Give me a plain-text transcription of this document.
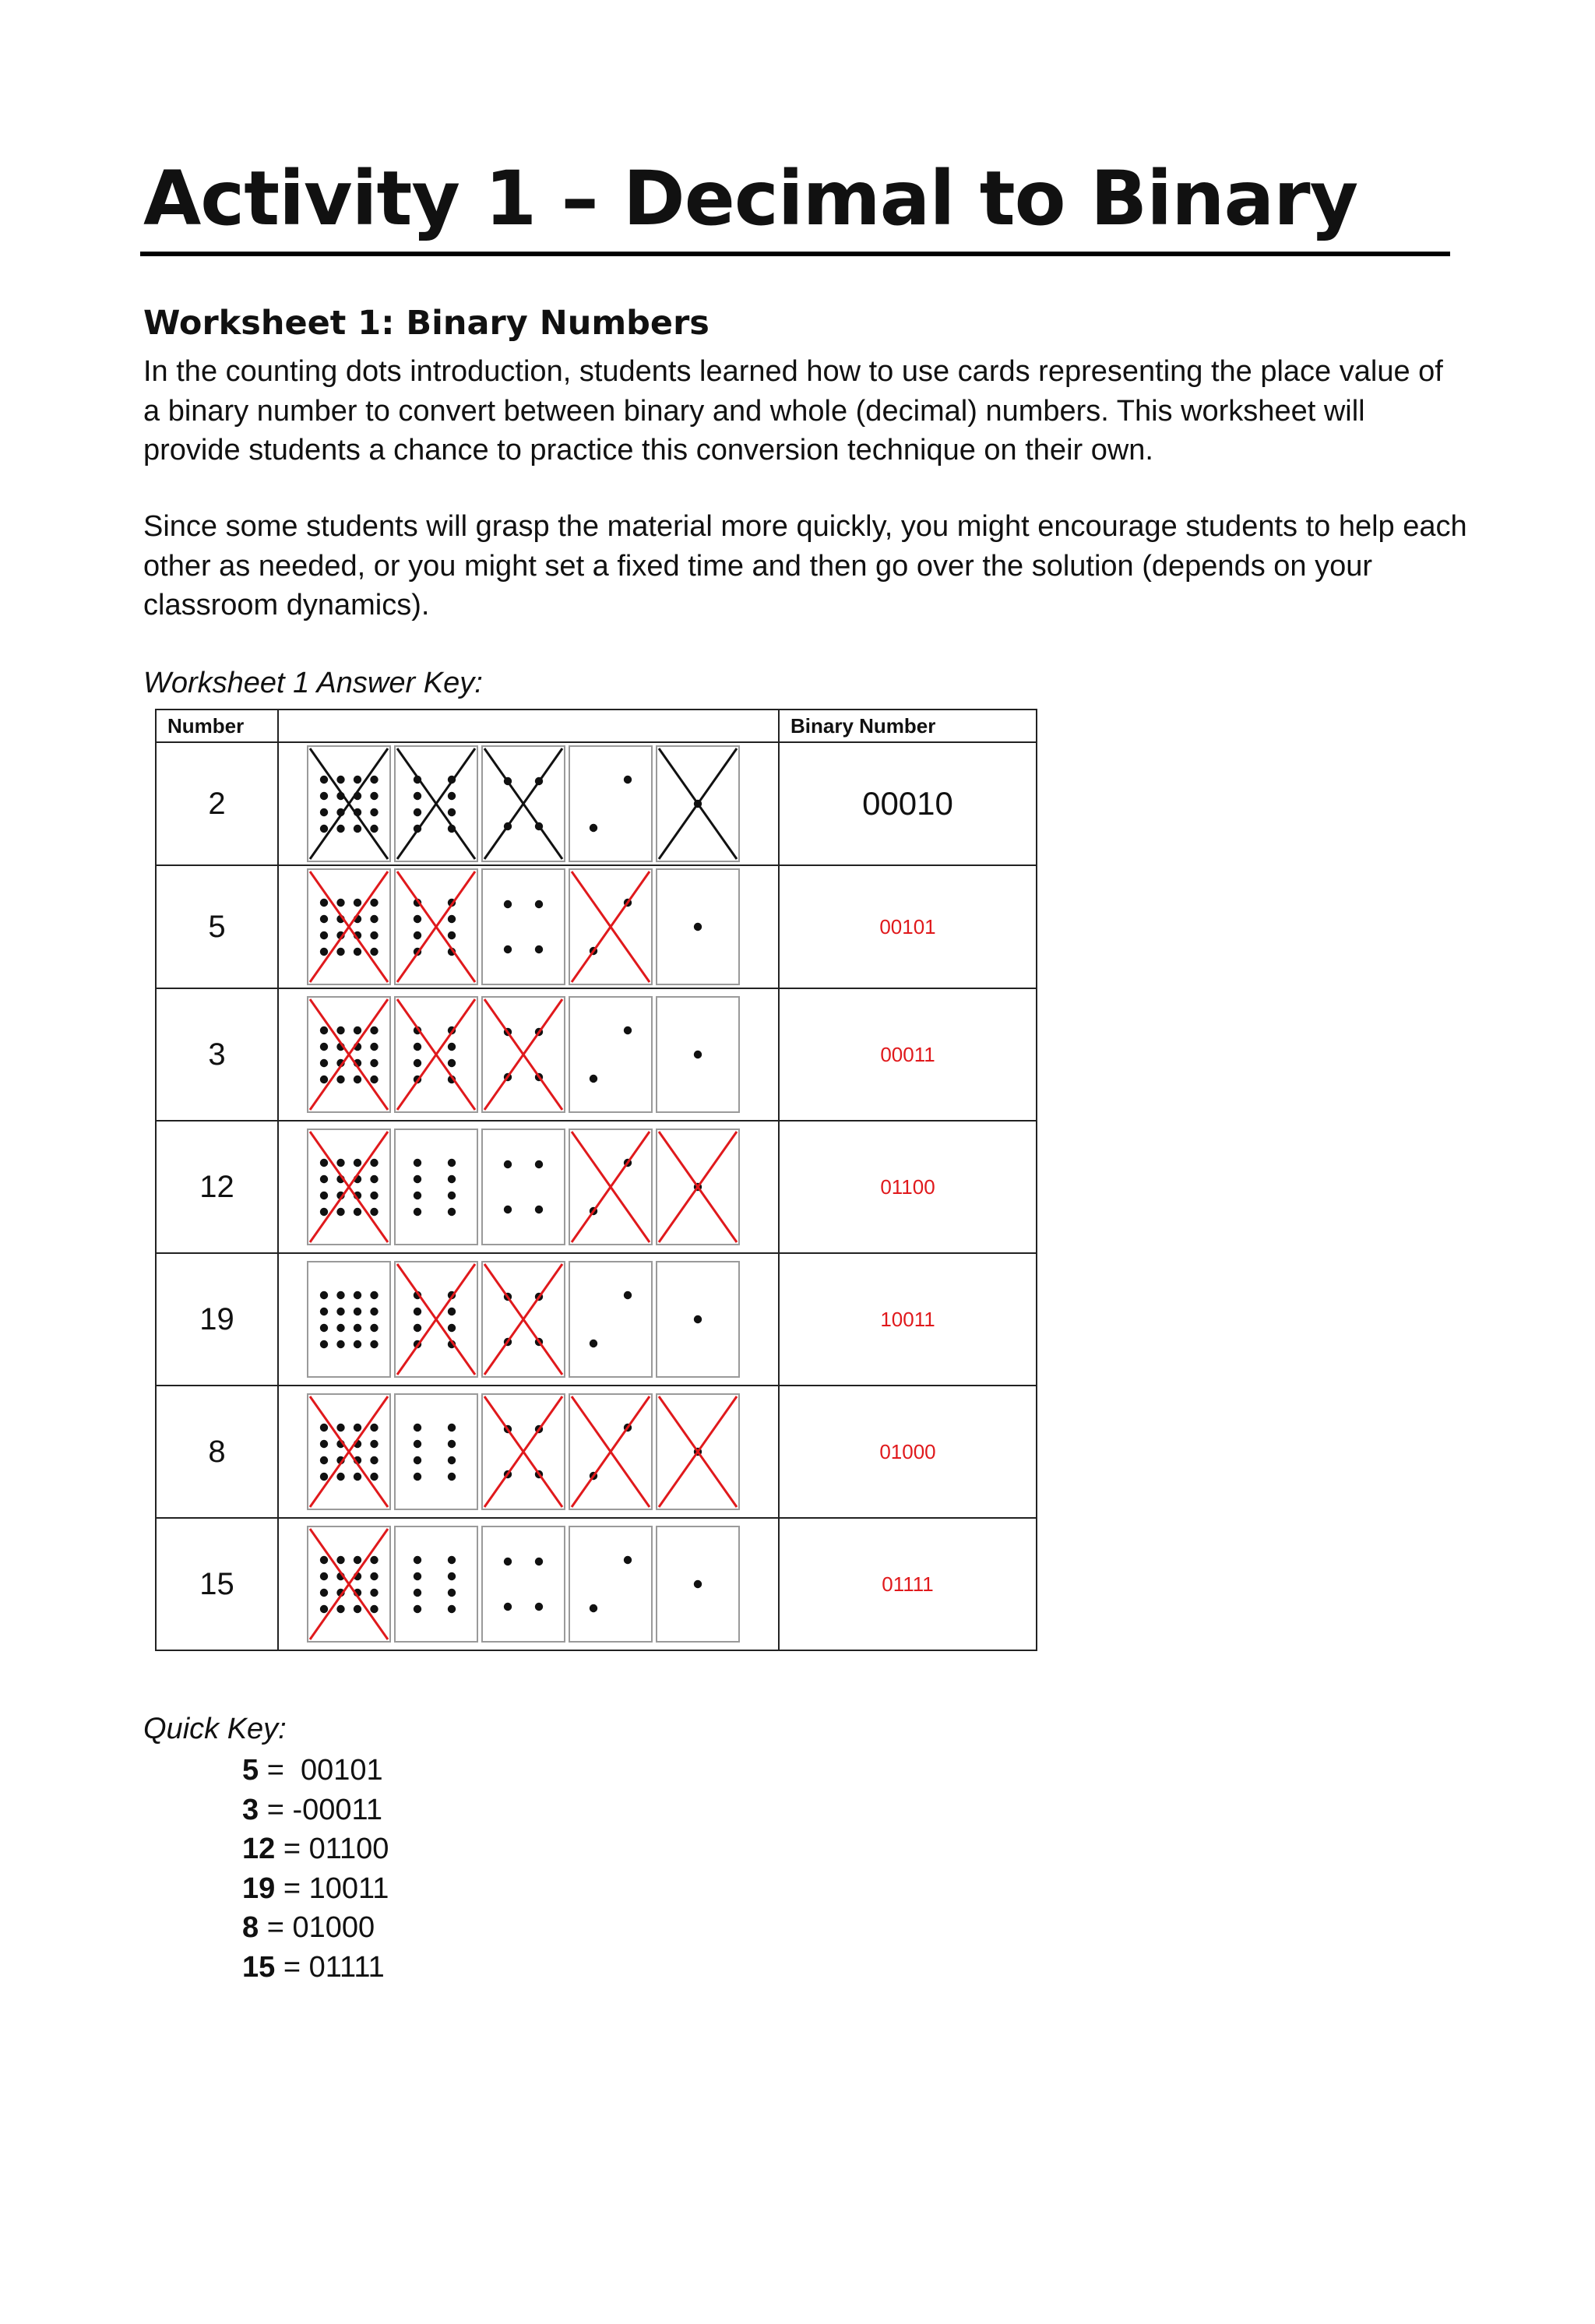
Activity 1 – Decimal to Binary
Worksheet 1: Binary Numbers

In the counting dots introduction, students learned how to use cards representing the place value of a binary number to convert between binary and whole (decimal) numbers. This worksheet will provide students a chance to practice this conversion technique on their own.

Since some students will grasp the material more quickly, you might encourage students to help each other as needed, or you might set a fixed time and then go over the solution (depends on your classroom dynamics).

Worksheet 1 Answer Key:

Number		Binary Number
2		00010
5		00101
3		00011
12		01100
19		10011
8		01000
15		01111

Quick Key:

5 =  00101
3 = -00011
12 = 01100
19 = 10011
8 = 01000
15 = 01111
